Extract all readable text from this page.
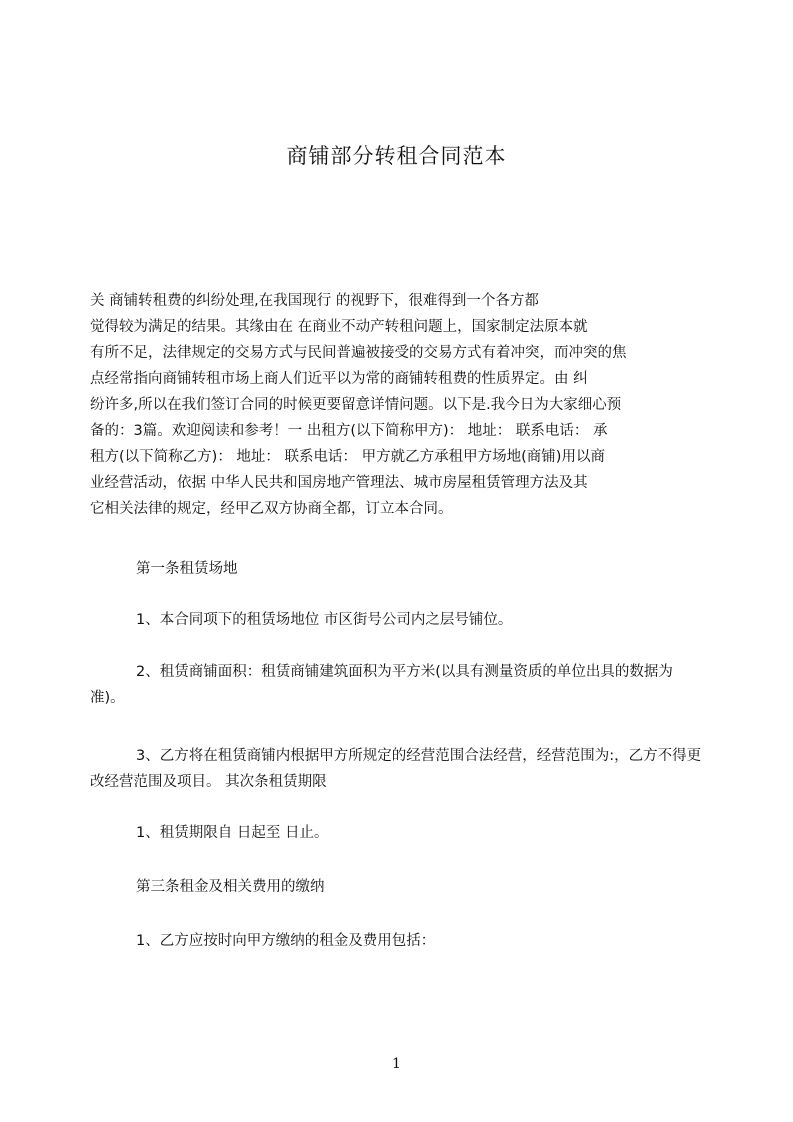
商铺部分转租合同范本
关 商铺转租费的纠纷处理,在我国现行 的视野下，很难得到一个各方都
觉得较为满足的结果。其缘由在 在商业不动产转租问题上，国家制定法原本就
有所不足，法律规定的交易方式与民间普遍被接受的交易方式有着冲突，而冲突的焦
点经常指向商铺转租市场上商人们近平以为常的商铺转租费的性质界定。由 纠
纷许多,所以在我们签订合同的时候更要留意详情问题。以下是.我今日为大家细心预
备的：3篇。欢迎阅读和参考！一 出租方(以下简称甲方)： 地址： 联系电话： 承
租方(以下简称乙方)： 地址： 联系电话： 甲方就乙方承租甲方场地(商铺)用以商
业经营活动，依据 中华人民共和国房地产管理法、城市房屋租赁管理方法及其
它相关法律的规定，经甲乙双方协商全都，订立本合同。

第一条租赁场地

1、本合同项下的租赁场地位 市区街号公司内之层号铺位。

2、租赁商铺面积：租赁商铺建筑面积为平方米(以具有测量资质的单位出具的数据为准)。

3、乙方将在租赁商铺内根据甲方所规定的经营范围合法经营，经营范围为:，乙方不得更改经营范围及项目。 其次条租赁期限

1、租赁期限自 日起至 日止。

第三条租金及相关费用的缴纳

1、乙方应按时向甲方缴纳的租金及费用包括：

1
